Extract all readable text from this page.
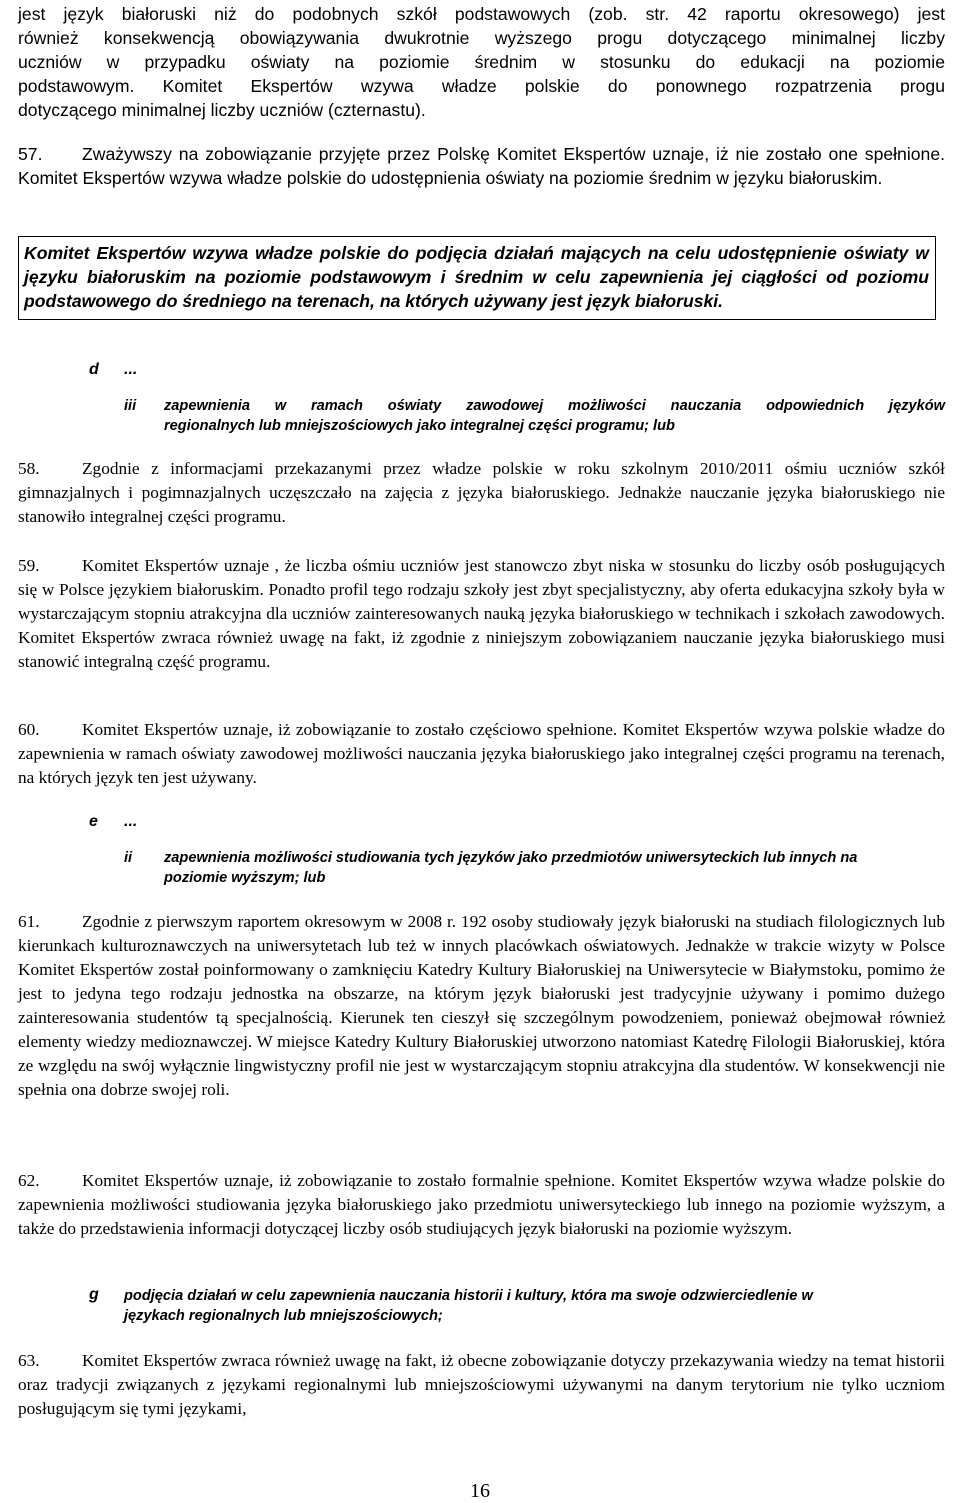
jest język białoruski niż do podobnych szkół podstawowych (zob. str. 42 raportu okresowego) jest

również konsekwencją obowiązywania dwukrotnie wyższego progu dotyczącego minimalnej liczby

uczniów w przypadku oświaty na poziomie średnim w stosunku do edukacji na poziomie

podstawowym. Komitet Ekspertów wzywa władze polskie do ponownego rozpatrzenia progu

dotyczącego minimalnej liczby uczniów (czternastu).

57. Zważywszy na zobowiązanie przyjęte przez Polskę Komitet Ekspertów uznaje, iż nie zostało one spełnione. Komitet Ekspertów wzywa władze polskie do udostępnienia oświaty na poziomie średnim w języku białoruskim.

Komitet Ekspertów wzywa władze polskie do podjęcia działań mających na celu udostępnienie oświaty w języku białoruskim na poziomie podstawowym i średnim w celu zapewnienia jej ciągłości od poziomu podstawowego do średniego na terenach, na których używany jest język białoruski.

d ...
iii zapewnienia w ramach oświaty zawodowej możliwości nauczania odpowiednich języków
regionalnych lub mniejszościowych jako integralnej części programu; lub

58. Zgodnie z informacjami przekazanymi przez władze polskie w roku szkolnym 2010/2011 ośmiu uczniów szkół gimnazjalnych i pogimnazjalnych uczęszczało na zajęcia z języka białoruskiego. Jednakże nauczanie języka białoruskiego nie stanowiło integralnej części programu.

59. Komitet Ekspertów uznaje , że liczba ośmiu uczniów jest stanowczo zbyt niska w stosunku do liczby osób posługujących się w Polsce językiem białoruskim. Ponadto profil tego rodzaju szkoły jest zbyt specjalistyczny, aby oferta edukacyjna szkoły była w wystarczającym stopniu atrakcyjna dla uczniów zainteresowanych nauką języka białoruskiego w technikach i szkołach zawodowych. Komitet Ekspertów zwraca również uwagę na fakt, iż zgodnie z niniejszym zobowiązaniem nauczanie języka białoruskiego musi stanowić integralną część programu.

60. Komitet Ekspertów uznaje, iż zobowiązanie to zostało częściowo spełnione. Komitet Ekspertów wzywa polskie władze do zapewnienia w ramach oświaty zawodowej możliwości nauczania języka białoruskiego jako integralnej części programu na terenach, na których język ten jest używany.

e ...
ii zapewnienia możliwości studiowania tych języków jako przedmiotów uniwersyteckich lub innych na
poziomie wyższym; lub

61. Zgodnie z pierwszym raportem okresowym w 2008 r. 192 osoby studiowały język białoruski na studiach filologicznych lub kierunkach kulturoznawczych na uniwersytetach lub też w innych placówkach oświatowych. Jednakże w trakcie wizyty w Polsce Komitet Ekspertów został poinformowany o zamknięciu Katedry Kultury Białoruskiej na Uniwersytecie w Białymstoku, pomimo że jest to jedyna tego rodzaju jednostka na obszarze, na którym język białoruski jest tradycyjnie używany i pomimo dużego zainteresowania studentów tą specjalnością. Kierunek ten cieszył się szczególnym powodzeniem, ponieważ obejmował również elementy wiedzy medioznawczej. W miejsce Katedry Kultury Białoruskiej utworzono natomiast Katedrę Filologii Białoruskiej, która ze względu na swój wyłącznie lingwistyczny profil nie jest w wystarczającym stopniu atrakcyjna dla studentów. W konsekwencji nie spełnia ona dobrze swojej roli.

62. Komitet Ekspertów uznaje, iż zobowiązanie to zostało formalnie spełnione. Komitet Ekspertów wzywa władze polskie do zapewnienia możliwości studiowania języka białoruskiego jako przedmiotu uniwersyteckiego lub innego na poziomie wyższym, a także do przedstawienia informacji dotyczącej liczby osób studiujących język białoruski na poziomie wyższym.

g podjęcia działań w celu zapewnienia nauczania historii i kultury, która ma swoje odzwierciedlenie w
językach regionalnych lub mniejszościowych;

63. Komitet Ekspertów zwraca również uwagę na fakt, iż obecne zobowiązanie dotyczy przekazywania wiedzy na temat historii oraz tradycji związanych z językami regionalnymi lub mniejszościowymi używanymi na danym terytorium nie tylko uczniom posługującym się tymi językami,

16
